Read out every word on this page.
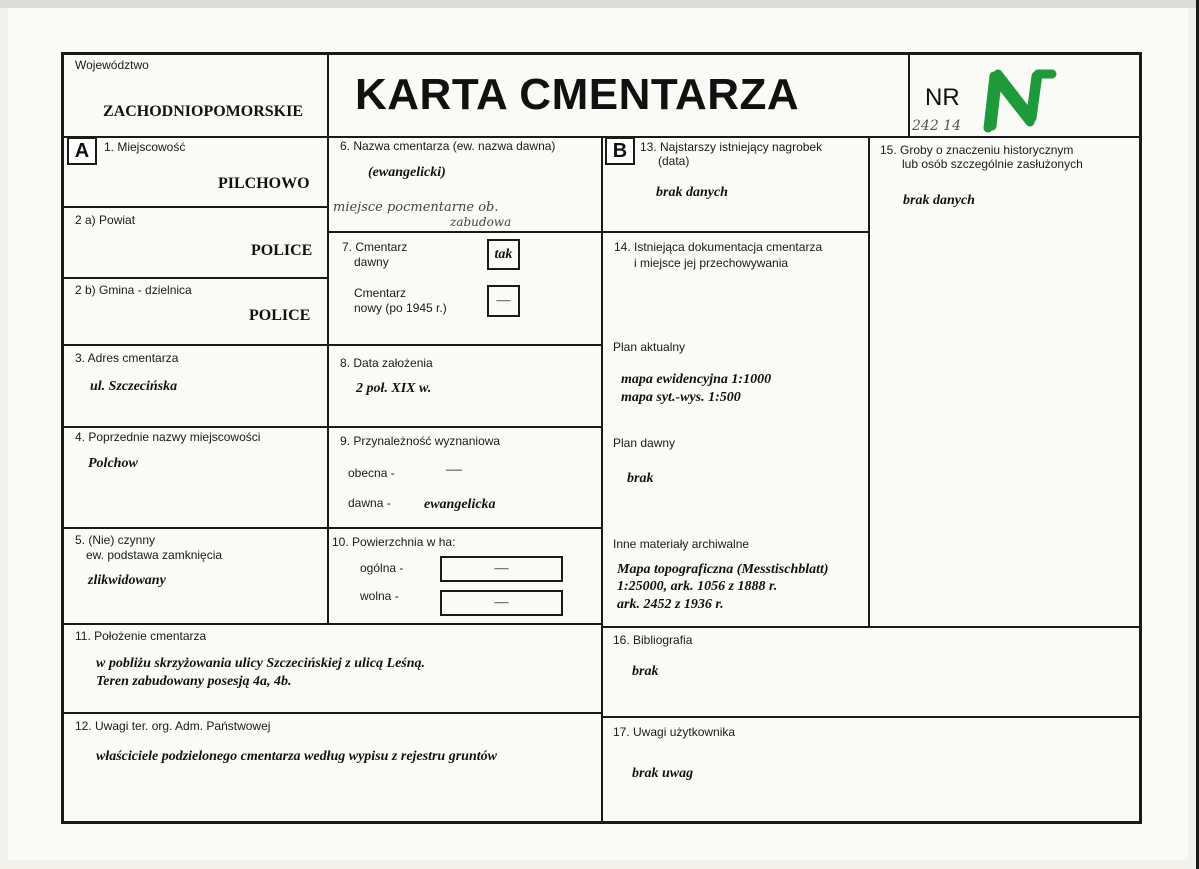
Województwo
ZACHODNIOPOMORSKIE KARTA CMENTARZA	NR
242 14
A	B
1. Miejscowość
PILCHOWO
2 a) Powiat
POLICE
2 b) Gmina - dzielnica
POLICE
3. Adres cmentarza
ul. Szczecińska
4. Poprzednie nazwy miejscowości
Polchow
5. (Nie) czynny
ew. podstawa zamknięcia
zlikwidowany
6. Nazwa cmentarza (ew. nazwa dawna)
(ewangelicki)
miejsce pocmentarne ob.
zabudowa
7. Cmentarz
dawny	tak
Cmentarz
nowy (po 1945 r.)	—
8. Data założenia
2 poł. XIX w.
9. Przynależność wyznaniowa
obecna -	—
dawna - ewangelicka
10. Powierzchnia w ha:
ogólna -	—
wolna -	—
11. Położenie cmentarza
w pobliżu skrzyżowania ulicy Szczecińskiej z ulicą Leśną.
Teren zabudowany posesją 4a, 4b.
12. Uwagi ter. org. Adm. Państwowej
właściciele podzielonego cmentarza według wypisu z rejestru gruntów
13. Najstarszy istniejący nagrobek
(data)
brak danych
14. Istniejąca dokumentacja cmentarza
i miejsce jej przechowywania
Plan aktualny
mapa ewidencyjna 1:1000
mapa syt.-wys. 1:500
Plan dawny
brak
Inne materiały archiwalne
Mapa topograficzna (Messtischblatt)
1:25000, ark. 1056 z 1888 r.
ark. 2452 z 1936 r.
15. Groby o znaczeniu historycznym
lub osób szczególnie zasłużonych
brak danych
16. Bibliografia
brak
17. Uwagi użytkownika
brak uwag
